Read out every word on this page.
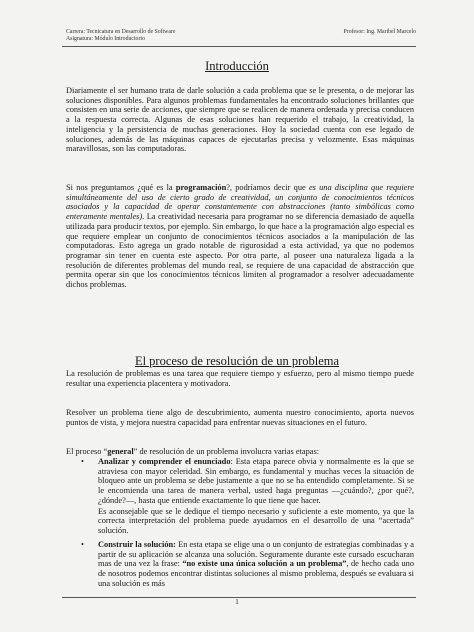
Carrera: Tecnicatura en Desarrollo de Software
Asignatura: Módulo Introductorio
Profesor: Ing. Maribel Marcelo
Introducción
Diariamente el ser humano trata de darle solución a cada problema que se le presenta, o de mejorar las soluciones disponibles. Para algunos problemas fundamentales ha encontrado soluciones brillantes que consisten en una serie de acciones, que siempre que se realicen de manera ordenada y precisa conducen a la respuesta correcta. Algunas de esas soluciones han requerido el trabajo, la creatividad, la inteligencia y la persistencia de muchas generaciones. Hoy la sociedad cuenta con ese legado de soluciones, además de las máquinas capaces de ejecutarlas precisa y velozmente. Esas máquinas maravillosas, son las computadoras.
Si nos preguntamos ¿qué es la programación?, podríamos decir que es una disciplina que requiere simultáneamente del uso de cierto grado de creatividad, un conjunto de conocimientos técnicos asociados y la capacidad de operar constantemente con abstracciones (tanto simbólicas como enteramente mentales). La creatividad necesaria para programar no se diferencia demasiado de aquella utilizada para producir textos, por ejemplo. Sin embargo, lo que hace a la programación algo especial es que requiere emplear un conjunto de conocimientos técnicos asociados a la manipulación de las computadoras. Esto agrega un grado notable de rigurosidad a esta actividad, ya que no podemos programar sin tener en cuenta este aspecto. Por otra parte, al poseer una naturaleza ligada a la resolución de diferentes problemas del mundo real, se requiere de una capacidad de abstracción que permita operar sin que los conocimientos técnicos limiten al programador a resolver adecuadamente dichos problemas.
El proceso de resolución de un problema
La resolución de problemas es una tarea que requiere tiempo y esfuerzo, pero al mismo tiempo puede resultar una experiencia placentera y motivadora.
Resolver un problema tiene algo de descubrimiento, aumenta nuestro conocimiento, aporta nuevos puntos de vista, y mejora nuestra capacidad para enfrentar nuevas situaciones en el futuro.
El proceso “general” de resolución de un problema involucra varias etapas:
• Analizar y comprender el enunciado: Esta etapa parece obvia y normalmente es la que se atraviesa con mayor celeridad. Sin embargo, es fundamental y muchas veces la situación de bloqueo ante un problema se debe justamente a que no se ha entendido completamente. Si se le encomienda una tarea de manera verbal, usted haga preguntas —¿cuándo?, ¿por qué?, ¿dónde?—, hasta que entiende exactamente lo que tiene que hacer.
Es aconsejable que se le dedique el tiempo necesario y suficiente a este momento, ya que la correcta interpretación del problema puede ayudarnos en el desarrollo de una “acertada” solución.
• Construir la solución: En esta etapa se elige una o un conjunto de estrategias combinadas y a partir de su aplicación se alcanza una solución. Seguramente durante este cursado escucharan mas de una vez la frase: “no existe una única solución a un problema”, de hecho cada uno de nosotros podemos encontrar distintas soluciones al mismo problema, después se evaluara si una solución es más
1
